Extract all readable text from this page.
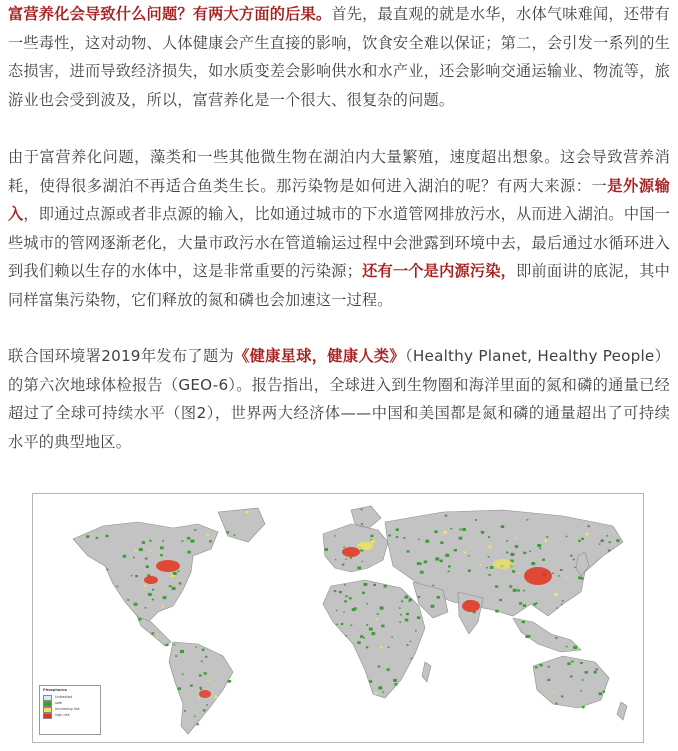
富营养化会导致什么问题？有两大方面的后果。首先，最直观的就是水华，水体气味难闻，还带有一些毒性，这对动物、人体健康会产生直接的影响，饮食安全难以保证；第二，会引发一系列的生态损害，进而导致经济损失，如水质变差会影响供水和水产业，还会影响交通运输业、物流等，旅游业也会受到波及，所以，富营养化是一个很大、很复杂的问题。

由于富营养化问题，藻类和一些其他微生物在湖泊内大量繁殖，速度超出想象。这会导致营养消耗，使得很多湖泊不再适合鱼类生长。那污染物是如何进入湖泊的呢？有两大来源：一是外源输入，即通过点源或者非点源的输入，比如通过城市的下水道管网排放污水，从而进入湖泊。中国一些城市的管网逐渐老化，大量市政污水在管道输运过程中会泄露到环境中去，最后通过水循环进入到我们赖以生存的水体中，这是非常重要的污染源；还有一个是内源污染，即前面讲的底泥，其中同样富集污染物，它们释放的氮和磷也会加速这一过程。

联合国环境署2019年发布了题为《健康星球，健康人类》（Healthy Planet, Healthy People）的第六次地球体检报告（GEO-6）。报告指出，全球进入到生物圈和海洋里面的氮和磷的通量已经超过了全球可持续水平（图2），世界两大经济体——中国和美国都是氮和磷的通量超出了可持续水平的典型地区。

Phosphorus
Untreated
safe
Increasing risk
high risk
